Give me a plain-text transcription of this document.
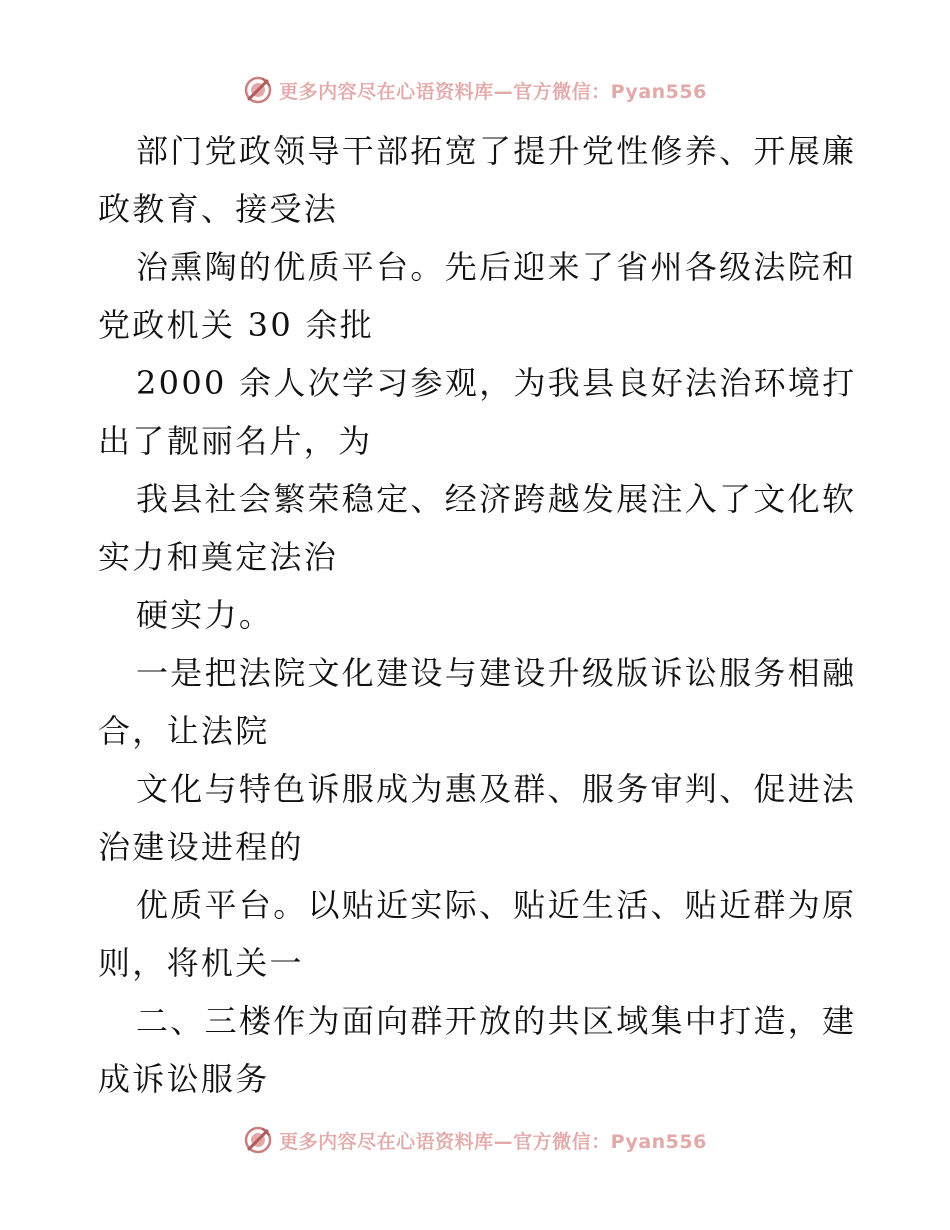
更多内容尽在心语资料库—官方微信：Pyan556
部门党政领导干部拓宽了提升党性修养、开展廉
政教育、接受法
治熏陶的优质平台。先后迎来了省州各级法院和
党政机关 30 余批
2000 余人次学习参观，为我县良好法治环境打
出了靓丽名片，为
我县社会繁荣稳定、经济跨越发展注入了文化软
实力和奠定法治
硬实力。
一是把法院文化建设与建设升级版诉讼服务相融
合，让法院
文化与特色诉服成为惠及群、服务审判、促进法
治建设进程的
优质平台。以贴近实际、贴近生活、贴近群为原
则，将机关一
二、三楼作为面向群开放的共区域集中打造，建
成诉讼服务
更多内容尽在心语资料库—官方微信：Pyan556
